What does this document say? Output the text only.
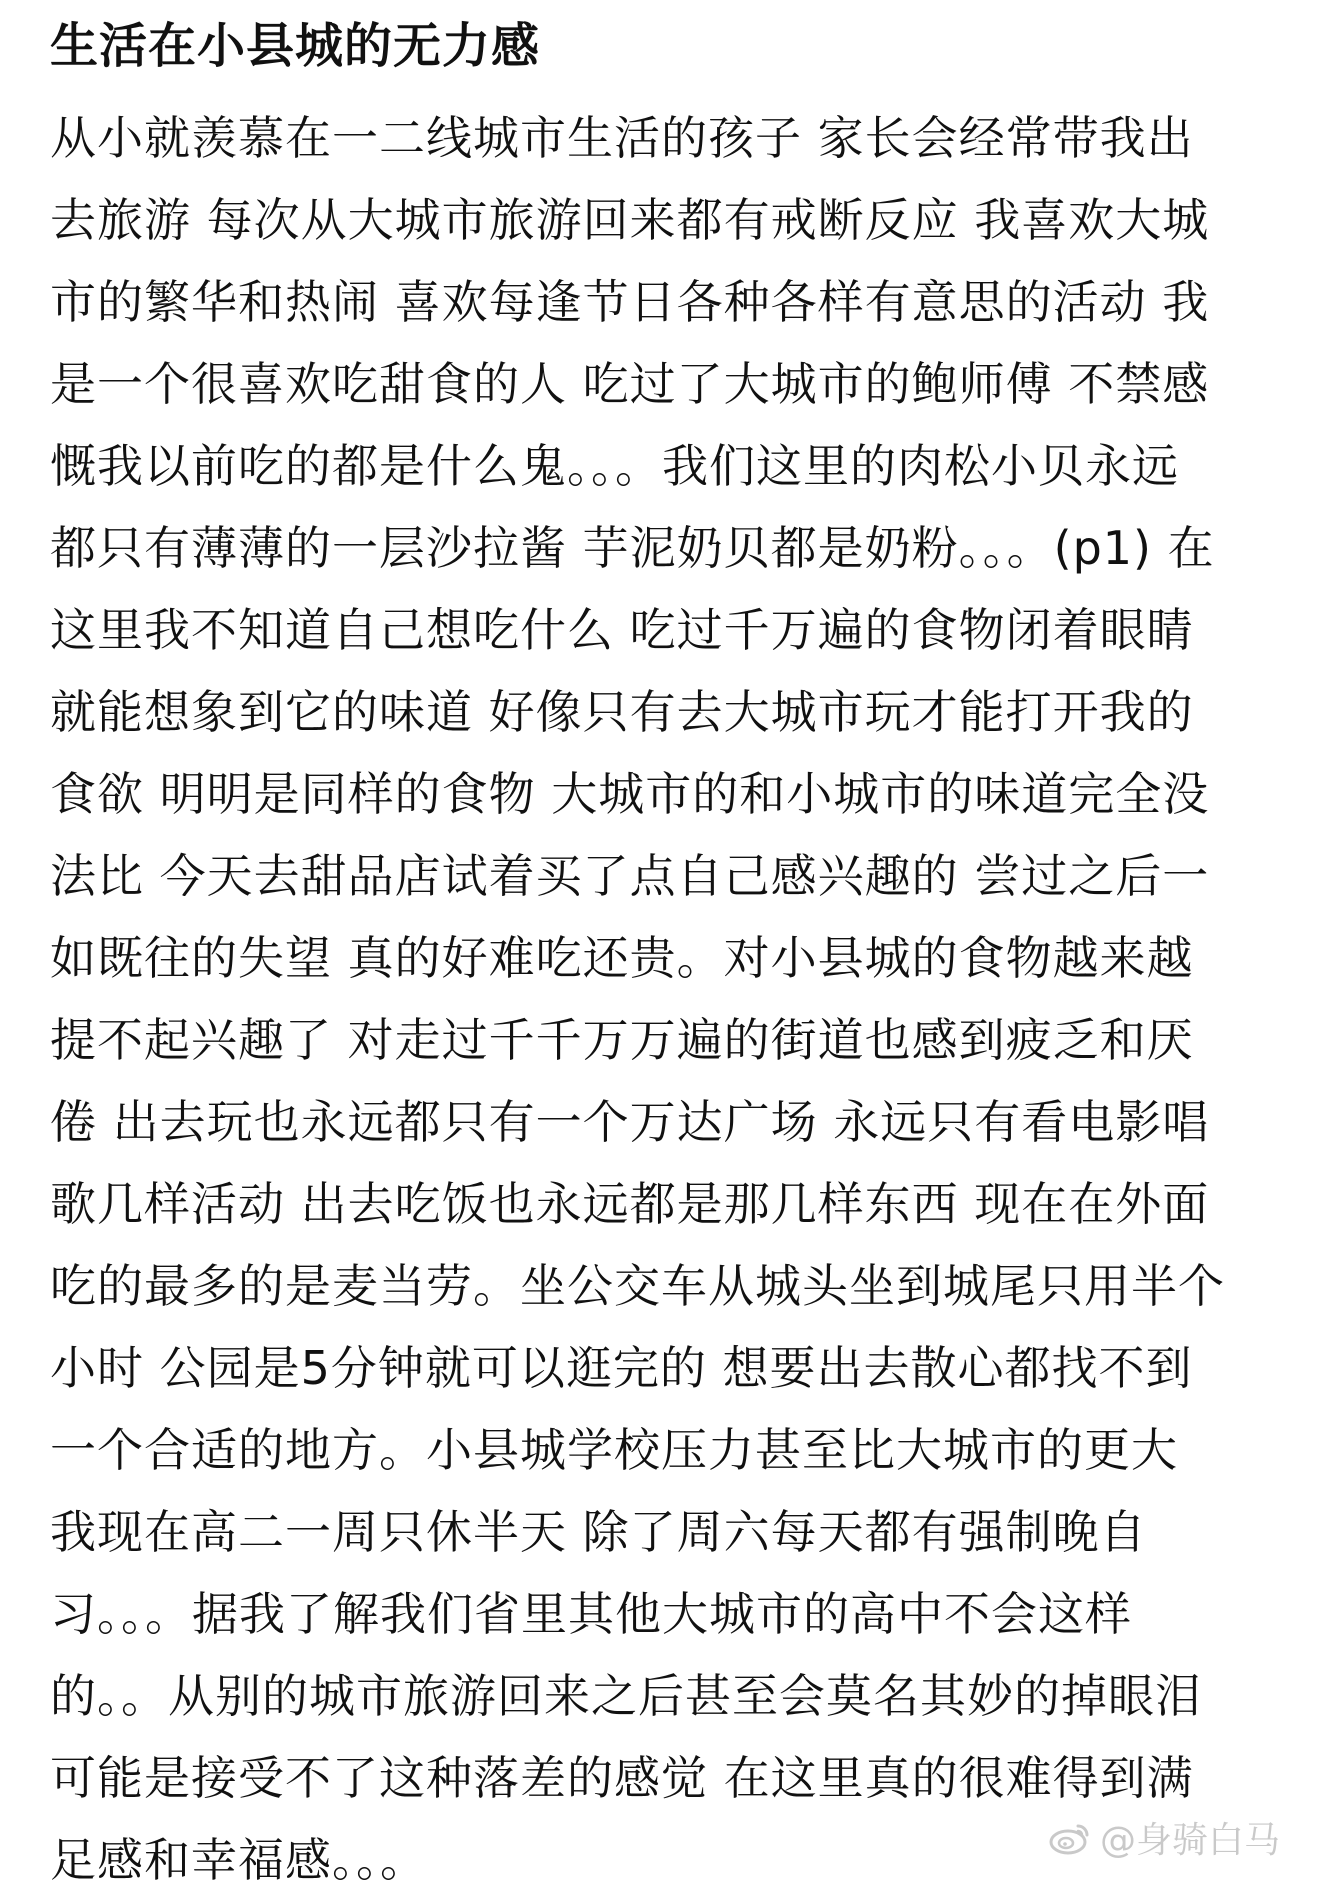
生活在小县城的无力感
从小就羡慕在一二线城市生活的孩子 家长会经常带我出
去旅游 每次从大城市旅游回来都有戒断反应 我喜欢大城
市的繁华和热闹 喜欢每逢节日各种各样有意思的活动 我
是一个很喜欢吃甜食的人 吃过了大城市的鲍师傅 不禁感
慨我以前吃的都是什么鬼。。。我们这里的肉松小贝永远
都只有薄薄的一层沙拉酱 芋泥奶贝都是奶粉。。。(p1) 在
这里我不知道自己想吃什么 吃过千万遍的食物闭着眼睛
就能想象到它的味道 好像只有去大城市玩才能打开我的
食欲 明明是同样的食物 大城市的和小城市的味道完全没
法比 今天去甜品店试着买了点自己感兴趣的 尝过之后一
如既往的失望 真的好难吃还贵。对小县城的食物越来越
提不起兴趣了 对走过千千万万遍的街道也感到疲乏和厌
倦 出去玩也永远都只有一个万达广场 永远只有看电影唱
歌几样活动 出去吃饭也永远都是那几样东西 现在在外面
吃的最多的是麦当劳。坐公交车从城头坐到城尾只用半个
小时 公园是5分钟就可以逛完的 想要出去散心都找不到
一个合适的地方。小县城学校压力甚至比大城市的更大
我现在高二一周只休半天 除了周六每天都有强制晚自
习。。。据我了解我们省里其他大城市的高中不会这样
的。。从别的城市旅游回来之后甚至会莫名其妙的掉眼泪
可能是接受不了这种落差的感觉 在这里真的很难得到满
足感和幸福感。。。	@身骑白马
